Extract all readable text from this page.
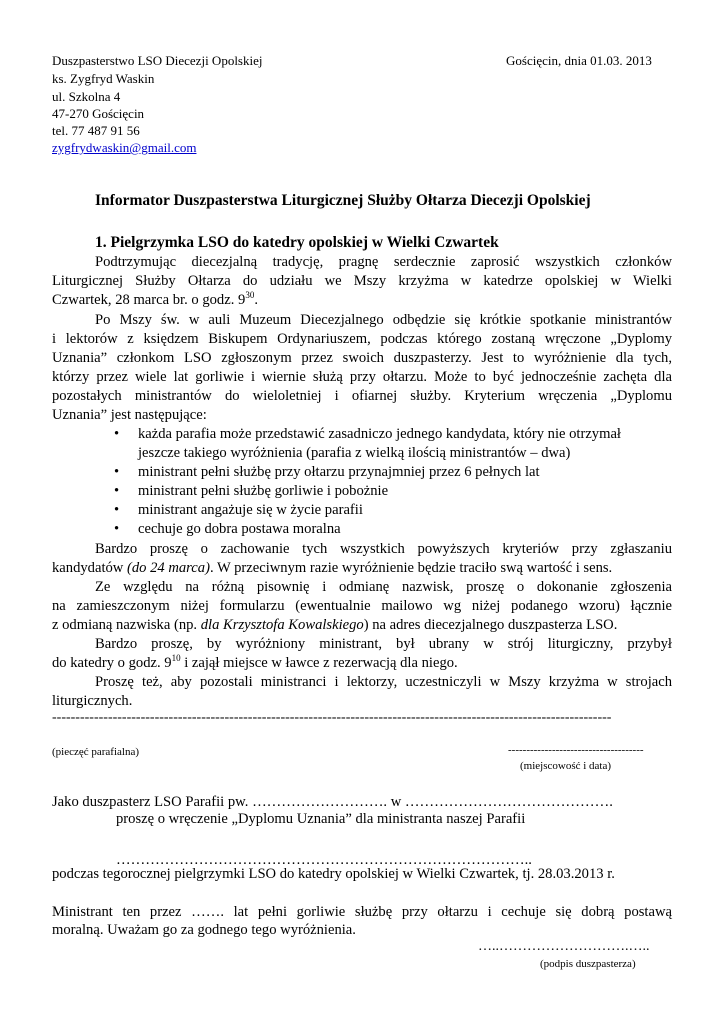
Duszpasterstwo LSO Diecezji Opolskiej	Gościęcin, dnia 01.03. 2013
ks. Zygfryd Waskin
ul. Szkolna 4
47-270 Gościęcin
tel. 77 487 91 56
zygfrydwaskin@gmail.com
Informator Duszpasterstwa Liturgicznej Służby Ołtarza Diecezji Opolskiej
1. Pielgrzymka LSO do katedry opolskiej w Wielki Czwartek
Podtrzymując diecezjalną tradycję, pragnę serdecznie zaprosić wszystkich członków
Liturgicznej Służby Ołtarza do udziału we Mszy krzyżma w katedrze opolskiej w Wielki
Czwartek, 28 marca br. o godz. $9^{30}$.
Po Mszy św. w auli Muzeum Diecezjalnego odbędzie się krótkie spotkanie ministrantów
i lektorów z księdzem Biskupem Ordynariuszem, podczas którego zostaną wręczone „Dyplomy
Uznania” członkom LSO zgłoszonym przez swoich duszpasterzy. Jest to wyróżnienie dla tych,
którzy przez wiele lat gorliwie i wiernie służą przy ołtarzu. Może to być jednocześnie zachęta dla
pozostałych ministrantów do wieloletniej i ofiarnej służby. Kryterium wręczenia „Dyplomu
Uznania” jest następujące:
• każda parafia może przedstawić zasadniczo jednego kandydata, który nie otrzymał
jeszcze takiego wyróżnienia (parafia z wielką ilością ministrantów – dwa)
• ministrant pełni służbę przy ołtarzu przynajmniej przez 6 pełnych lat
• ministrant pełni służbę gorliwie i pobożnie
• ministrant angażuje się w życie parafii
• cechuje go dobra postawa moralna
Bardzo proszę o zachowanie tych wszystkich powyższych kryteriów przy zgłaszaniu
kandydatów (do 24 marca). W przeciwnym razie wyróżnienie będzie traciło swą wartość i sens.
Ze względu na różną pisownię i odmianę nazwisk, proszę o dokonanie zgłoszenia
na zamieszczonym niżej formularzu (ewentualnie mailowo wg niżej podanego wzoru) łącznie
z odmianą nazwiska (np. dla Krzysztofa Kowalskiego) na adres diecezjalnego duszpasterza LSO.
Bardzo proszę, by wyróżniony ministrant, był ubrany w strój liturgiczny, przybył
do katedry o godz. $9^{10}$ i zajął miejsce w ławce z rezerwacją dla niego.
Proszę też, aby pozostali ministranci i lektorzy, uczestniczyli w Mszy krzyżma w strojach
liturgicznych.
------------------------------------------------------------------------------------------------------------------------
(pieczęć parafialna)	-------------------------------------
(miejscowość i data)
Jako duszpasterz LSO Parafii pw. ………………………. w …………………………………….
proszę o wręczenie „Dyplomu Uznania” dla ministranta naszej Parafii
…………………………………………………………………………..
podczas tegorocznej pielgrzymki LSO do katedry opolskiej w Wielki Czwartek, tj. 28.03.2013 r.
Ministrant ten przez ……. lat pełni gorliwie służbę przy ołtarzu i cechuje się dobrą postawą
moralną. Uważam go za godnego tego wyróżnienia.
…..……………………….…..
(podpis duszpasterza)
